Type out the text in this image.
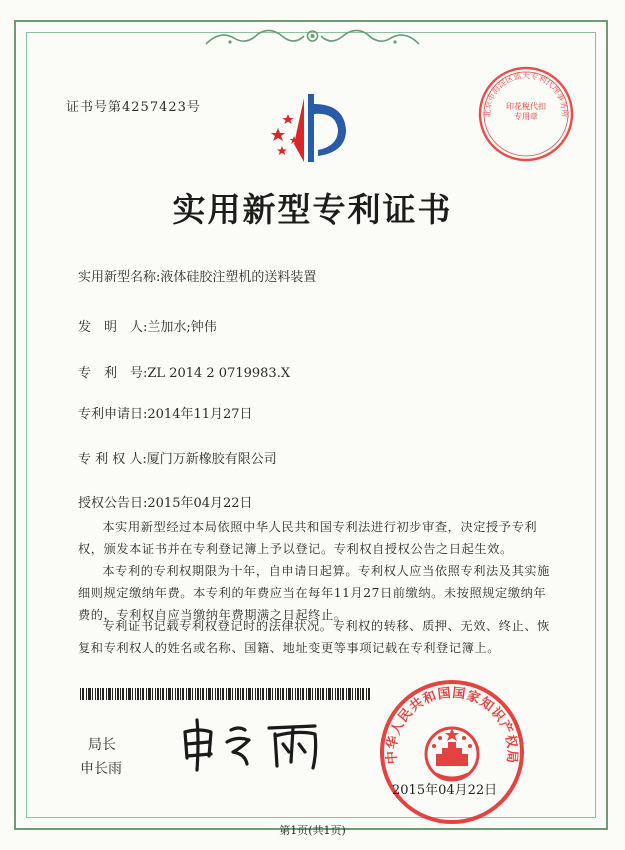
证书号第4257423号	北京市海淀区蓝天专利代理事务所
印花税代扣专用章
实用新型专利证书
实用新型名称:液体硅胶注塑机的送料装置
发　明　人:兰加水;钟伟
专　利　号:ZL 2014 2 0719983.X
专利申请日:2014年11月27日
专 利 权 人:厦门万新橡胶有限公司
授权公告日:2015年04月22日
本实用新型经过本局依照中华人民共和国专利法进行初步审查，决定授予专利权，颁发本证书并在专利登记簿上予以登记。专利权自授权公告之日起生效。
本专利的专利权期限为十年，自申请日起算。专利权人应当依照专利法及其实施细则规定缴纳年费。本专利的年费应当在每年11月27日前缴纳。未按照规定缴纳年费的，专利权自应当缴纳年费期满之日起终止。
专利证书记载专利权登记时的法律状况。专利权的转移、质押、无效、终止、恢复和专利权人的姓名或名称、国籍、地址变更等事项记载在专利登记簿上。
局长
申长雨
中华人民共和国国家知识产权局
2015年04月22日
第1页(共1页)
